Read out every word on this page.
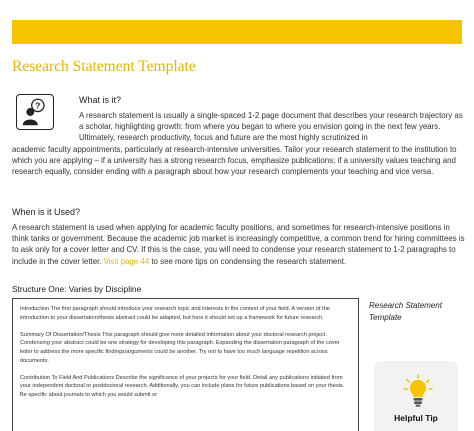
Research Statement Template
?
What is it?
A research statement is usually a single-spaced 1-2 page document that describes your research trajectory as a scholar, highlighting growth: from where you began to where you envision going in the next few years. Ultimately, research productivity, focus and future are the most highly scrutinized in
academic faculty appointments, particularly at research-intensive universities. Tailor your research statement to the institution to which you are applying – if a university has a strong research focus, emphasize publications; if a university values teaching and research equally, consider ending with a paragraph about how your research complements your teaching and vice versa.
When is it Used?
A research statement is used when applying for academic faculty positions, and sometimes for research-intensive positions in think tanks or government. Because the academic job market is increasingly competitive, a common trend for hiring committees is to ask only for a cover letter and CV. If this is the case, you will need to condense your research statement to 1-2 paragraphs to include in the cover letter. Visit page 44 to see more tips on condensing the research statement.
Structure One: Varies by Discipline
Introduction The first paragraph should introduce your research topic and interests in the context of your field. A version of the introduction to your dissertation/thesis abstract could be adapted, but here it should set up a framework for future research.
Summary Of Dissertation/Thesis This paragraph should give more detailed information about your doctoral research project. Condensing your abstract could be one strategy for developing this paragraph. Expanding the dissertation paragraph of the cover letter to address the more specific findings/arguments could be another. Try not to have too much language repetition across documents.
Contribution To Field And Publications Describe the significance of your projects for your field. Detail any publications initiated from your independent doctoral or postdoctoral research. Additionally, you can include plans for future publications based on your thesis. Be specific about journals to which you would submit or
Research Statement Template
Helpful Tip
